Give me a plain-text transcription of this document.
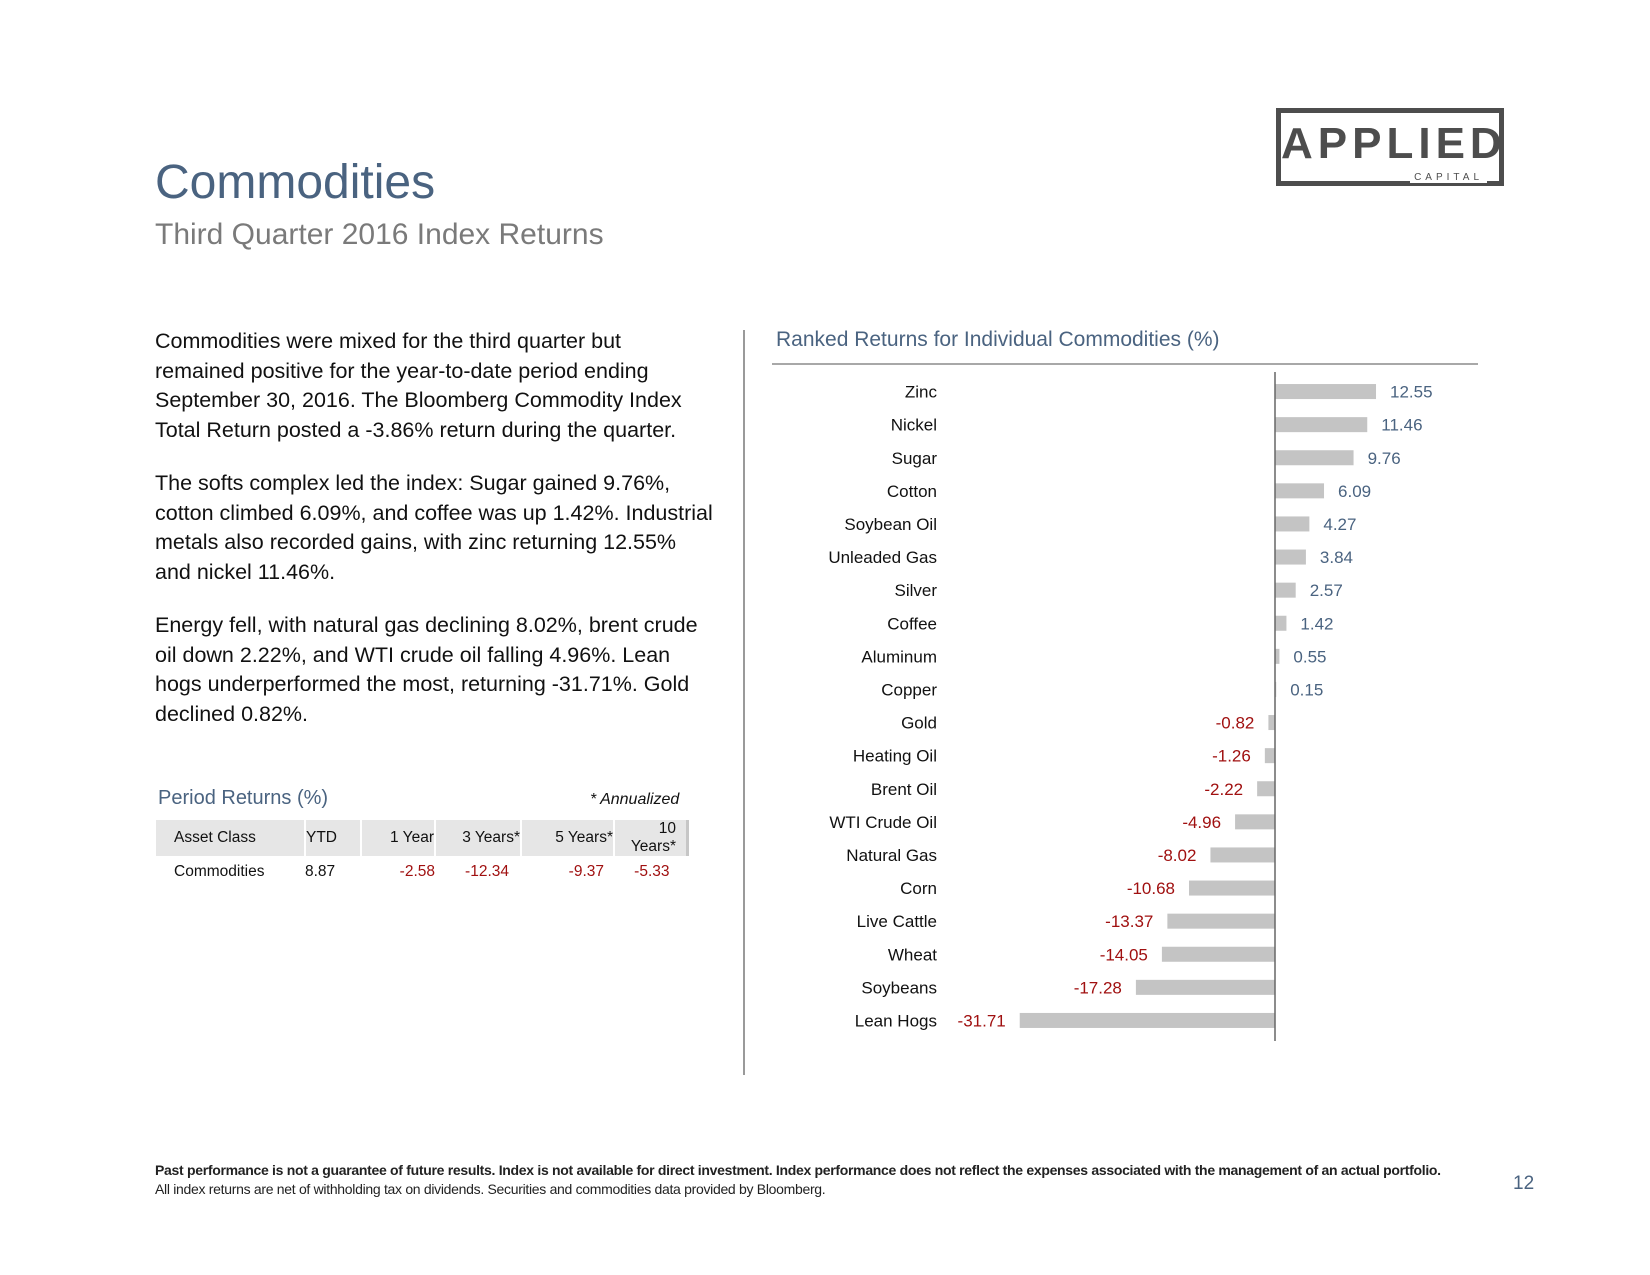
Commodities
Third Quarter 2016 Index Returns
APPLIED
CAPITAL

Commodities were mixed for the third quarter but remained positive for the year-to-date period ending September 30, 2016. The Bloomberg Commodity Index Total Return posted a -3.86% return during the quarter.

The softs complex led the index: Sugar gained 9.76%, cotton climbed 6.09%, and coffee was up 1.42%. Industrial metals also recorded gains, with zinc returning 12.55% and nickel 11.46%.

Energy fell, with natural gas declining 8.02%, brent crude oil down 2.22%, and WTI crude oil falling 4.96%. Lean hogs underperformed the most, returning -31.71%. Gold declined 0.82%.

Period Returns (%)	* Annualized
Asset Class	YTD	1 Year	3 Years*	5 Years*	10 Years*
Commodities	8.87	-2.58	-12.34	-9.37	-5.33
Ranked Returns for Individual Commodities (%)
Zinc	12.55
Nickel	11.46
Sugar	9.76
Cotton	6.09
Soybean Oil	4.27
Unleaded Gas	3.84
Silver	2.57
Coffee	1.42
Aluminum	0.55
Copper	0.15
Gold	-0.82
Heating Oil	-1.26
Brent Oil	-2.22
WTI Crude Oil	-4.96
Natural Gas	-8.02
Corn	-10.68
Live Cattle	-13.37
Wheat	-14.05
Soybeans	-17.28
Lean Hogs -31.71
Past performance is not a guarantee of future results. Index is not available for direct investment. Index performance does not reflect the expenses associated with the management of an actual portfolio.
All index returns are net of withholding tax on dividends. Securities and commodities data provided by Bloomberg.	12
